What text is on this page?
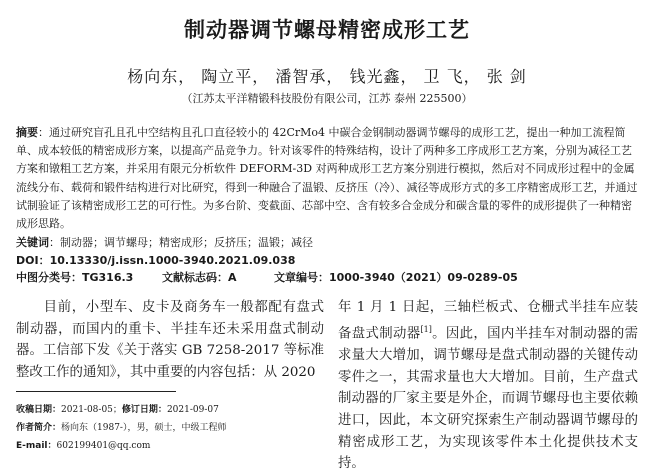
制动器调节螺母精密成形工艺
杨向东， 陶立平， 潘智承， 钱光鑫， 卫 飞， 张 剑
（江苏太平洋精锻科技股份有限公司，江苏 泰州 225500）
摘要：通过研究盲孔且孔中空结构且孔口直径较小的 42CrMo4 中碳合金钢制动器调节螺母的成形工艺，提出一种加工流程简单、成本较低的精密成形方案，以提高产品竞争力。针对该零件的特殊结构，设计了两种多工序成形工艺方案，分别为减径工艺方案和镦粗工艺方案，并采用有限元分析软件 DEFORM-3D 对两种成形工艺方案分别进行模拟，然后对不同成形过程中的金属流线分布、载荷和锻件结构进行对比研究，得到一种融合了温锻、反挤压（冷）、减径等成形方式的多工序精密成形工艺，并通过试制验证了该精密成形工艺的可行性。为多台阶、变截面、芯部中空、含有较多合金成分和碳含量的零件的成形提供了一种精密成形思路。
关键词：制动器；调节螺母；精密成形；反挤压；温锻；减径
DOI：10.13330/j.issn.1000-3940.2021.09.038
中图分类号：TG316.3	文献标志码：A	文章编号：1000-3940（2021）09-0289-05
目前，小型车、皮卡及商务车一般都配有盘式制动器，而国内的重卡、半挂车还未采用盘式制动器。工信部下发《关于落实 GB 7258-2017 等标准整改工作的通知》，其中重要的内容包括：从 2020
年 1 月 1 日起，三轴栏板式、仓栅式半挂车应装备盘式制动器[1]。因此，国内半挂车对制动器的需求量大大增加，调节螺母是盘式制动器的关键传动零件之一，其需求量也大大增加。目前，生产盘式制动器的厂家主要是外企，而调节螺母也主要依赖进口，因此，本文研究探索生产制动器调节螺母的精密成形工艺，为实现该零件本土化提供技术支持。
收稿日期：2021-08-05；修订日期：2021-09-07
作者简介：杨向东（1987-），男，硕士，中级工程师
E-mail：602199401@qq.com
